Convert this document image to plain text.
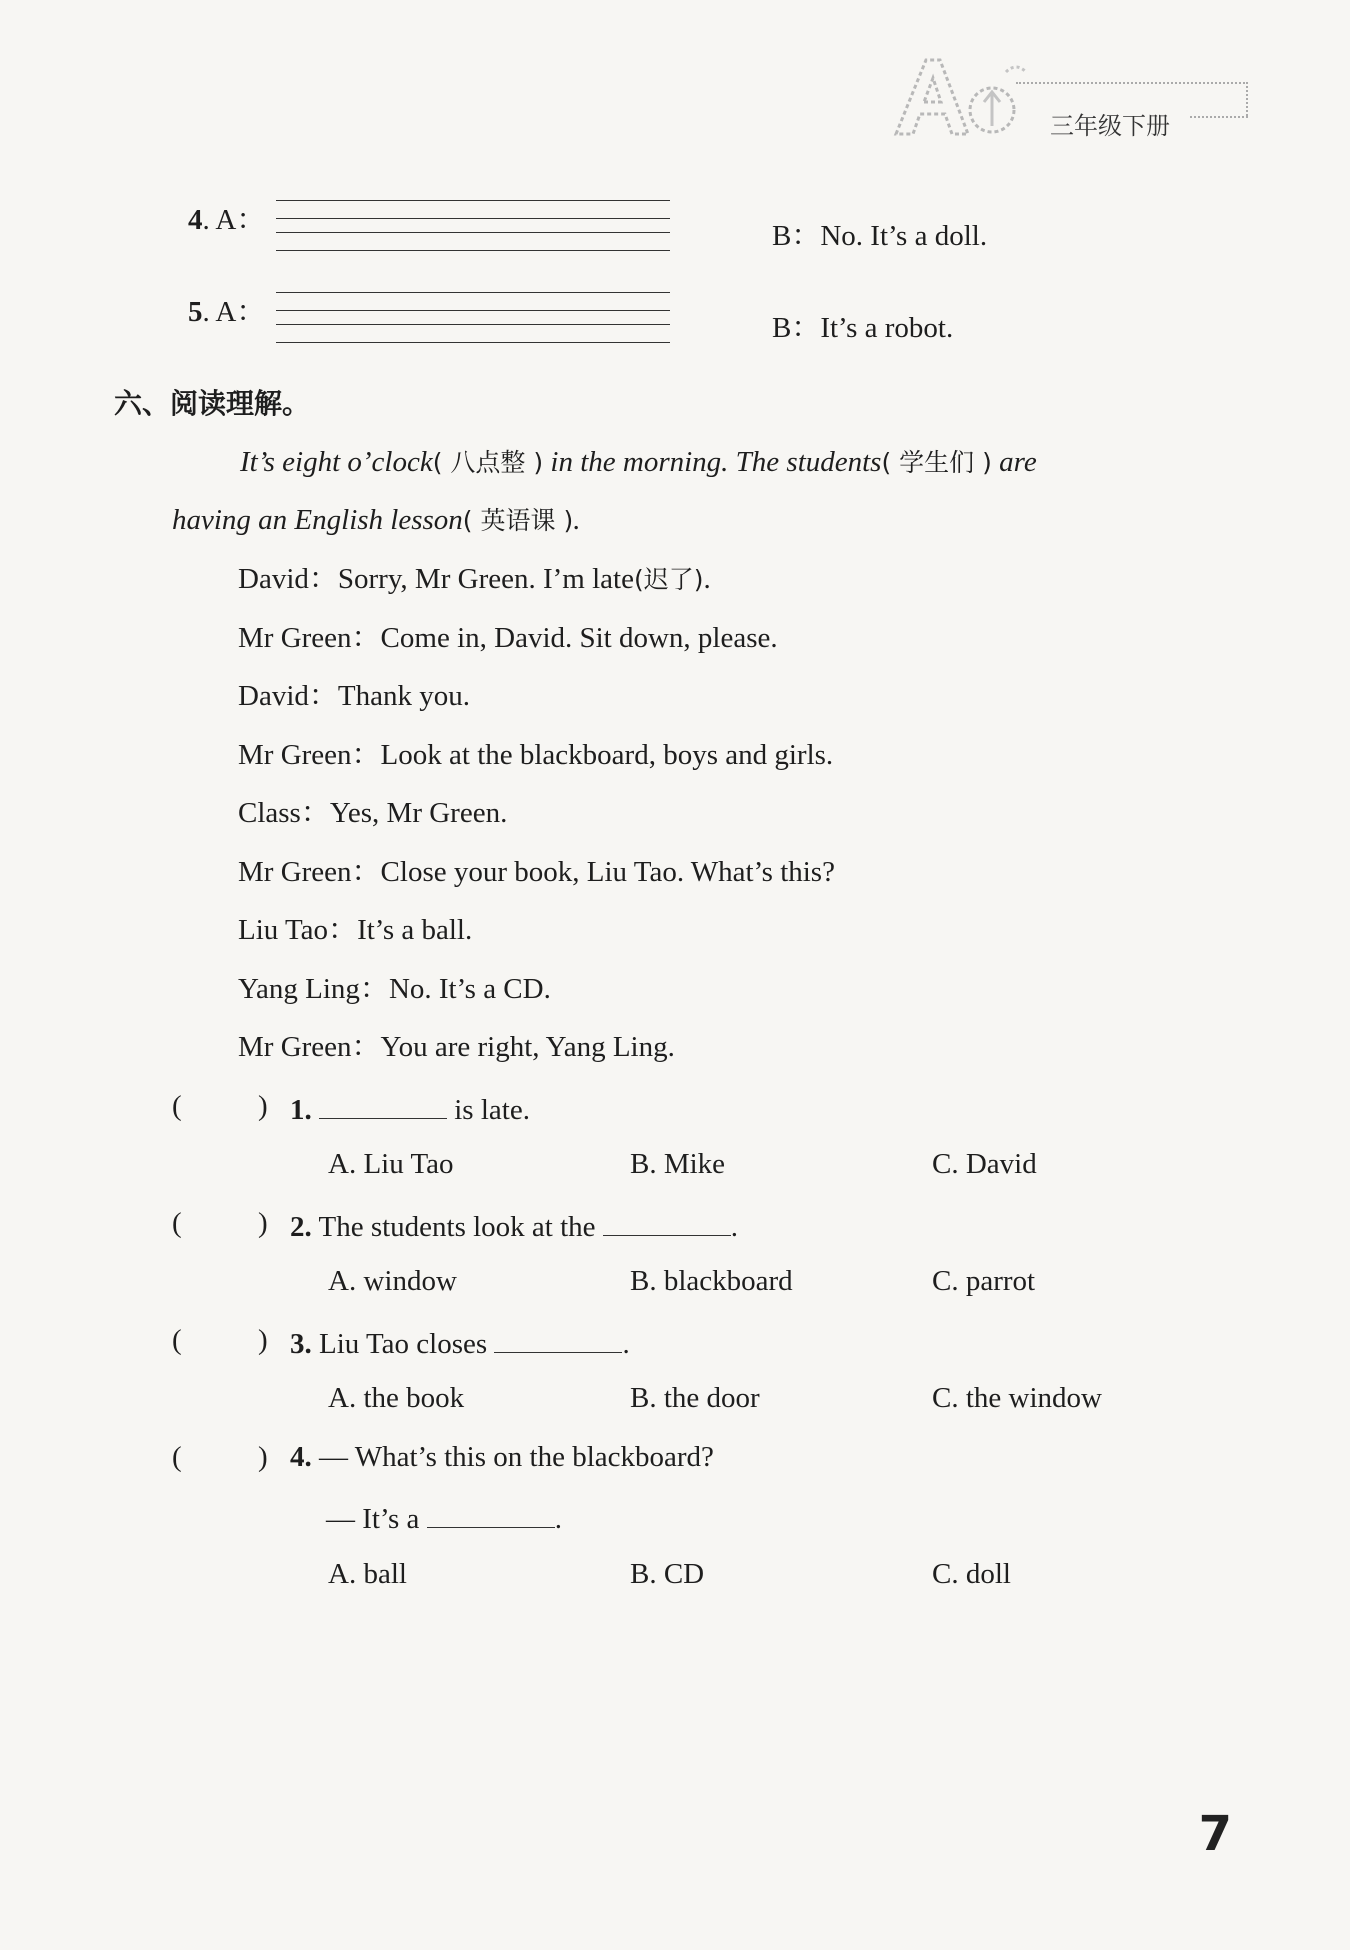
三年级下册
4. A：	B：No. It’s a doll.
5. A：	B：It’s a robot.
六、阅读理解。
It’s eight o’clock( 八点整 ) in the morning. The students( 学生们 ) are
having an English lesson( 英语课 ).
David：Sorry, Mr Green. I’m late(迟了).
Mr Green：Come in, David. Sit down, please.
David：Thank you.
Mr Green：Look at the blackboard, boys and girls.
Class：Yes, Mr Green.
Mr Green：Close your book, Liu Tao. What’s this?
Liu Tao：It’s a ball.
Yang Ling：No. It’s a CD.
Mr Green：You are right, Yang Ling.
(	) 1.	is late.
A. Liu Tao	B. Mike	C. David
(	) 2. The students look at the	.
A. window	B. blackboard	C. parrot
(	) 3. Liu Tao closes	.
A. the book	B. the door	C. the window
(	) 4. — What’s this on the blackboard?
— It’s a	.
A. ball	B. CD	C. doll
7
